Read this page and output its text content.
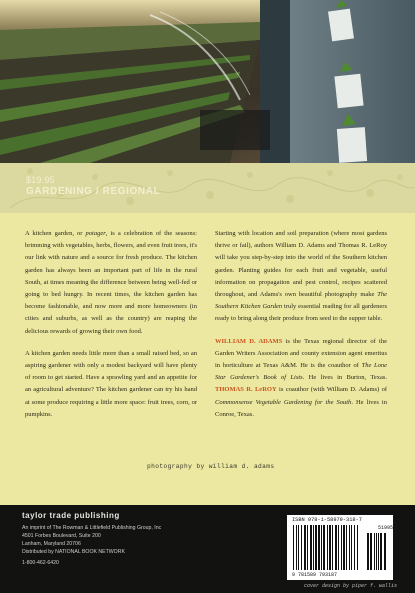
$19.95
GARDENING / REGIONAL

A kitchen garden, or potager, is a celebration of the seasons: brimming with vegetables, herbs, flowers, and even fruit trees, it's our link with nature and a source for fresh produce. The kitchen garden has always been an important part of life in the rural South, at times meaning the difference between being well-fed or going to bed hungry. In recent times, the kitchen garden has become fashionable, and now more and more homeowners (in cities and suburbs, as well as the country) are reaping the delicious rewards of growing their own food.

A kitchen garden needs little more than a small raised bed, so an aspiring gardener with only a modest backyard will have plenty of room to get started. Have a sprawling yard and an appetite for an agricultural adventure? The kitchen gardener can try his hand at some produce requiring a little more space: fruit trees, corn, or pumpkins.

Starting with location and soil preparation (where most gardens thrive or fail), authors William D. Adams and Thomas R. LeRoy will take you step-by-step into the world of the Southern kitchen garden. Planting guides for each fruit and vegetable, useful information on propagation and pest control, recipes scattered throughout, and Adams's own beautiful photography make The Southern Kitchen Garden truly essential reading for all gardeners ready to bring along their produce from seed to the supper table.

WILLIAM D. ADAMS is the Texas regional director of the Garden Writers Association and county extension agent emeritus in horticulture at Texas A&M. He is the coauthor of The Lone Star Gardener's Book of Lists. He lives in Burton, Texas. THOMAS R. LeROY is coauthor (with William D. Adams) of Commonsense Vegetable Gardening for the South. He lives in Conroe, Texas.

photography by william d. adams
taylor trade publishing
An imprint of The Rowman & Littlefield Publishing Group, Inc
4501 Forbes Boulevard, Suite 200
Lanham, Maryland 20706
Distributed by NATIONAL BOOK NETWORK
1-800-462-6420
ISBN 978-1-58979-318-7
51995
9 781589 793187
cover design by piper f. wallis
